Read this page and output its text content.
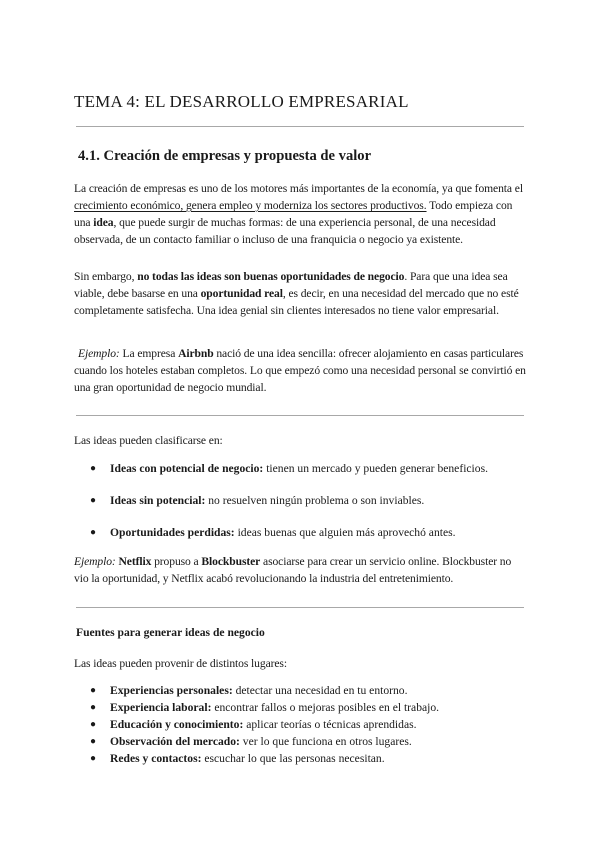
TEMA 4: EL DESARROLLO EMPRESARIAL
4.1. Creación de empresas y propuesta de valor

La creación de empresas es uno de los motores más importantes de la economía, ya que fomenta el crecimiento económico, genera empleo y moderniza los sectores productivos. Todo empieza con una idea, que puede surgir de muchas formas: de una experiencia personal, de una necesidad observada, de un contacto familiar o incluso de una franquicia o negocio ya existente.

Sin embargo, no todas las ideas son buenas oportunidades de negocio. Para que una idea sea viable, debe basarse en una oportunidad real, es decir, en una necesidad del mercado que no esté completamente satisfecha. Una idea genial sin clientes interesados no tiene valor empresarial.

Ejemplo: La empresa Airbnb nació de una idea sencilla: ofrecer alojamiento en casas particulares cuando los hoteles estaban completos. Lo que empezó como una necesidad personal se convirtió en una gran oportunidad de negocio mundial.

Las ideas pueden clasificarse en:

● Ideas con potencial de negocio: tienen un mercado y pueden generar beneficios.
● Ideas sin potencial: no resuelven ningún problema o son inviables.
● Oportunidades perdidas: ideas buenas que alguien más aprovechó antes.

Ejemplo: Netflix propuso a Blockbuster asociarse para crear un servicio online. Blockbuster no vio la oportunidad, y Netflix acabó revolucionando la industria del entretenimiento.

Fuentes para generar ideas de negocio

Las ideas pueden provenir de distintos lugares:

● Experiencias personales: detectar una necesidad en tu entorno.
● Experiencia laboral: encontrar fallos o mejoras posibles en el trabajo.
● Educación y conocimiento: aplicar teorías o técnicas aprendidas.
● Observación del mercado: ver lo que funciona en otros lugares.
● Redes y contactos: escuchar lo que las personas necesitan.
